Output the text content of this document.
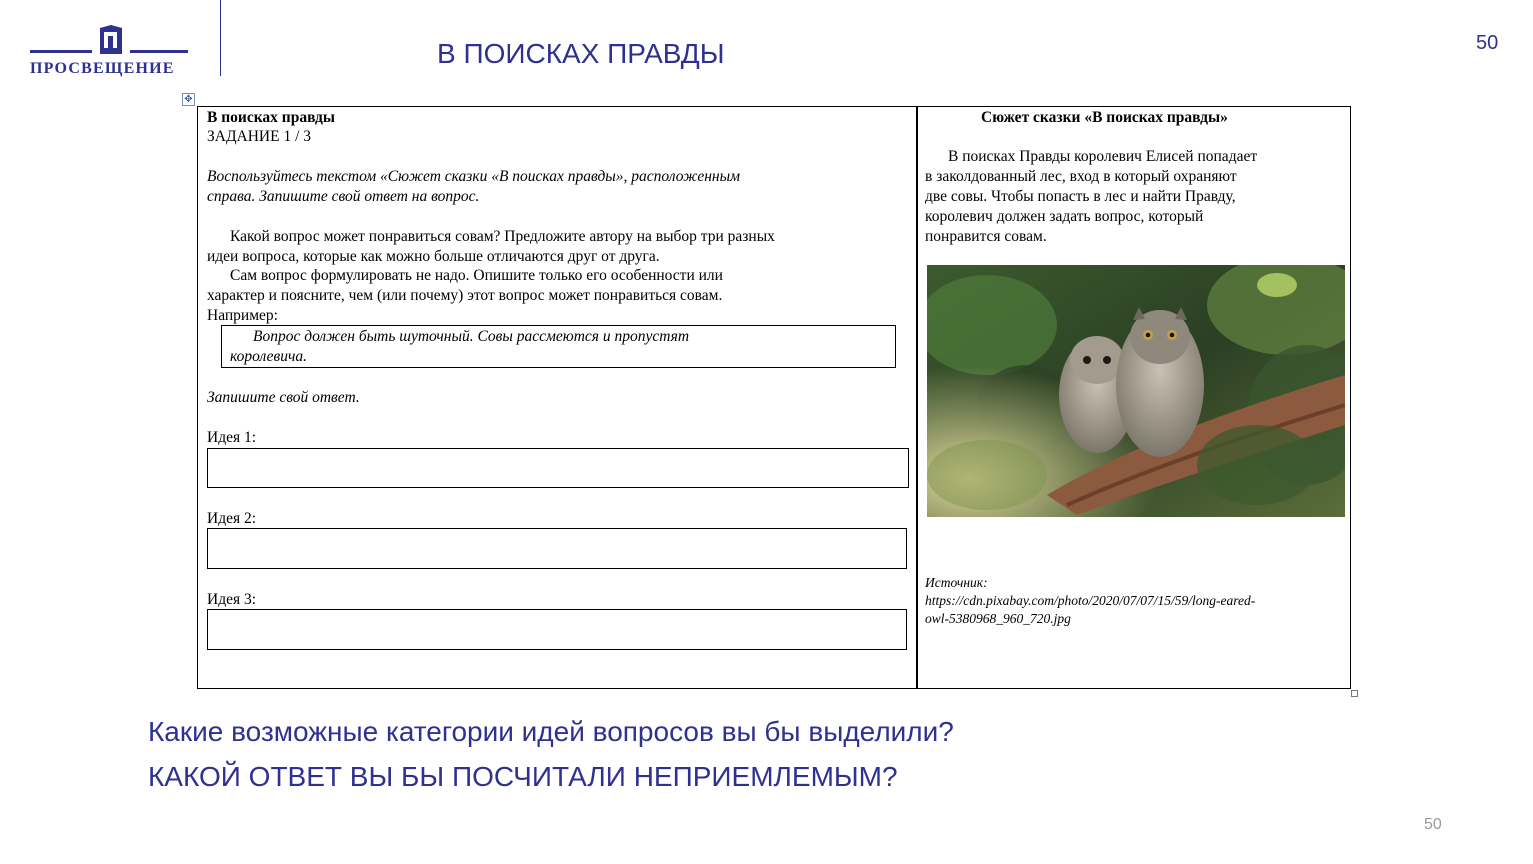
ПРОСВЕЩЕНИЕ	В ПОИСКАХ ПРАВДЫ	50
✥
В поисках правды
ЗАДАНИЕ 1 / 3
Воспользуйтесь текстом «Сюжет сказки «В поисках правды», расположенным
справа. Запишите свой ответ на вопрос.
Какой вопрос может понравиться совам? Предложите автору на выбор три разных
идеи вопроса, которые как можно больше отличаются друг от друга.
Сам вопрос формулировать не надо. Опишите только его особенности или
характер и поясните, чем (или почему) этот вопрос может понравиться совам.
Например:
Вопрос должен быть шуточный. Совы рассмеются и пропустят
королевича.
Запишите свой ответ.
Идея 1:
Идея 2:
Идея 3:
Сюжет сказки «В поисках правды»
В поисках Правды королевич Елисей попадает
в заколдованный лес, вход в который охраняют
две совы. Чтобы попасть в лес и найти Правду,
королевич должен задать вопрос, который
понравится совам.
Источник:
https://cdn.pixabay.com/photo/2020/07/07/15/59/long-eared-
owl-5380968_960_720.jpg
Какие возможные категории идей вопросов вы бы выделили?
КАКОЙ ОТВЕТ ВЫ БЫ ПОСЧИТАЛИ НЕПРИЕМЛЕМЫМ?
50
